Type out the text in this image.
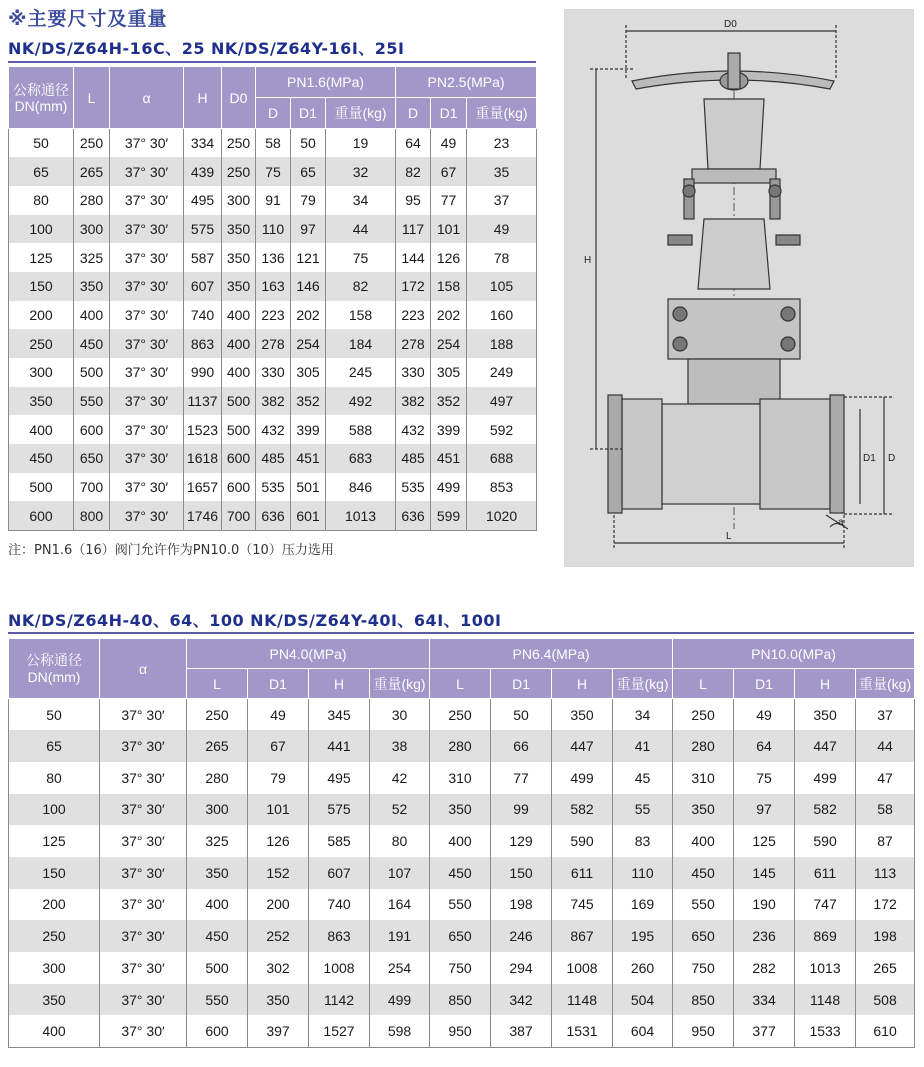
※主要尺寸及重量
NK/DS/Z64H-16C、25 NK/DS/Z64Y-16Ⅰ、25Ⅰ
公称通径
DN(mm)	L	α	H	D0	PN1.6(MPa)			PN2.5(MPa)		
					D	D1	重量(kg)	D	D1	重量(kg)
50	250	37° 30′	334	250	58	50	19	64	49	23
65	265	37° 30′	439	250	75	65	32	82	67	35
80	280	37° 30′	495	300	91	79	34	95	77	37
100	300	37° 30′	575	350	110	97	44	117	101	49
125	325	37° 30′	587	350	136	121	75	144	126	78
150	350	37° 30′	607	350	163	146	82	172	158	105
200	400	37° 30′	740	400	223	202	158	223	202	160
250	450	37° 30′	863	400	278	254	184	278	254	188
300	500	37° 30′	990	400	330	305	245	330	305	249
350	550	37° 30′	1137	500	382	352	492	382	352	497
400	600	37° 30′	1523	500	432	399	588	432	399	592
450	650	37° 30′	1618	600	485	451	683	485	451	688
500	700	37° 30′	1657	600	535	501	846	535	499	853
600	800	37° 30′	1746	700	636	601	1013	636	599	1020
注：PN1.6（16）阀门允许作为PN10.0（10）压力选用
D0
H
D1 D
L
a
NK/DS/Z64H-40、64、100 NK/DS/Z64Y-40Ⅰ、64Ⅰ、100Ⅰ
公称通径
DN(mm)	α	PN4.0(MPa)				PN6.4(MPa)				PN10.0(MPa)			
		L	D1	H	重量(kg)	L	D1	H	重量(kg)	L	D1	H	重量(kg)
50	37° 30′	250	49	345	30	250	50	350	34	250	49	350	37
65	37° 30′	265	67	441	38	280	66	447	41	280	64	447	44
80	37° 30′	280	79	495	42	310	77	499	45	310	75	499	47
100	37° 30′	300	101	575	52	350	99	582	55	350	97	582	58
125	37° 30′	325	126	585	80	400	129	590	83	400	125	590	87
150	37° 30′	350	152	607	107	450	150	611	110	450	145	611	113
200	37° 30′	400	200	740	164	550	198	745	169	550	190	747	172
250	37° 30′	450	252	863	191	650	246	867	195	650	236	869	198
300	37° 30′	500	302	1008	254	750	294	1008	260	750	282	1013	265
350	37° 30′	550	350	1142	499	850	342	1148	504	850	334	1148	508
400	37° 30′	600	397	1527	598	950	387	1531	604	950	377	1533	610
